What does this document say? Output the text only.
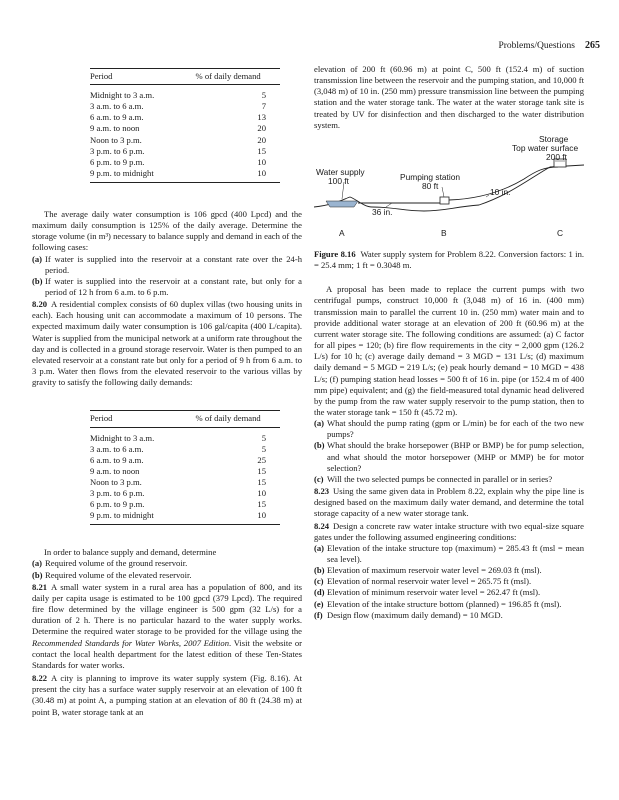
Problems/Questions 265
Period	% of daily demand
Midnight to 3 a.m.	5
3 a.m. to 6 a.m.	7
6 a.m. to 9 a.m.	13
9 a.m. to noon	20
Noon to 3 p.m.	20
3 p.m. to 6 p.m.	15
6 p.m. to 9 p.m.	10
9 p.m. to midnight	10

The average daily water consumption is 106 gpcd (400 Lpcd) and the maximum daily consumption is 125% of the daily average. Determine the storage volume (in m³) necessary to balance supply and demand in each of the following cases:

(a) If water is supplied into the reservoir at a constant rate over the 24-h period.
(b) If water is supplied into the reservoir at a constant rate, but only for a period of 12 h from 6 a.m. to 6 p.m.

8.20 A residential complex consists of 60 duplex villas (two housing units in each). Each housing unit can accommodate a maximum of 10 persons. The expected maximum daily water consumption is 106 gal/capita (400 L/capita). Water is supplied from the municipal network at a uniform rate throughout the day and is collected in a ground storage reservoir. Water is then pumped to an elevated reservoir at a constant rate but only for a period of 9 h from 6 a.m. to 3 p.m. Water then flows from the elevated reservoir to the various villas by gravity to satisfy the following daily demands:

Period	% of daily demand
Midnight to 3 a.m.	5
3 a.m. to 6 a.m.	5
6 a.m. to 9 a.m.	25
9 a.m. to noon	15
Noon to 3 p.m.	15
3 p.m. to 6 p.m.	10
6 p.m. to 9 p.m.	15
9 p.m. to midnight	10

In order to balance supply and demand, determine

(a) Required volume of the ground reservoir.
(b) Required volume of the elevated reservoir.

8.21 A small water system in a rural area has a population of 800, and its daily per capita usage is estimated to be 100 gpcd (379 Lpcd). The required fire flow determined by the village engineer is 500 gpm (32 L/s) for a duration of 2 h. There is no particular hazard to the water supply works. Determine the required water storage to be provided for the village using the Recommended Standards for Water Works, 2007 Edition. Visit the website or contact the local health department for the latest edition of these Ten-States Standards for water works.

8.22 A city is planning to improve its water supply system (Fig. 8.16). At present the city has a surface water supply reservoir at an elevation of 100 ft (30.48 m) at point A, a pumping station at an elevation of 80 ft (24.38 m) at point B, water storage tank at an

elevation of 200 ft (60.96 m) at point C, 500 ft (152.4 m) of suction transmission line between the reservoir and the pumping station, and 10,000 ft (3,048 m) of 10 in. (250 mm) pressure transmission line between the pumping station and the water storage tank. The water at the water storage tank site is treated by UV for disinfection and then discharged to the water distribution system.

Storage
Top water surface
200 ft
Water supply
100 ft	Pumping station
80 ft
10 in.
36 in.
A	B	C

Figure 8.16 Water supply system for Problem 8.22. Conversion factors: 1 in. = 25.4 mm; 1 ft = 0.3048 m.

A proposal has been made to replace the current pumps with two centrifugal pumps, construct 10,000 ft (3,048 m) of 16 in. (400 mm) transmission main to parallel the current 10 in. (250 mm) water main and to provide additional water storage at an elevation of 200 ft (60.96 m) at the current water storage site. The following conditions are assumed: (a) C factor for all pipes = 120; (b) fire flow requirements in the city = 2,000 gpm (126.2 L/s) for 10 h; (c) average daily demand = 3 MGD = 131 L/s; (d) maximum daily demand = 5 MGD = 219 L/s; (e) peak hourly demand = 10 MGD = 438 L/s; (f) pumping station head losses = 500 ft of 16 in. pipe (or 152.4 m of 400 mm pipe) equivalent; and (g) the field-measured total dynamic head delivered by the pump from the raw water supply reservoir to the pump station, then to the water storage tank = 150 ft (45.72 m).

(a) What should the pump rating (gpm or L/min) be for each of the two new pumps?
(b) What should the brake horsepower (BHP or BMP) be for pump selection, and what should the motor horsepower (MHP or MMP) be for motor selection?
(c) Will the two selected pumps be connected in parallel or in series?

8.23 Using the same given data in Problem 8.22, explain why the pipe line is designed based on the maximum daily water demand, and determine the total storage capacity of a new water storage tank.

8.24 Design a concrete raw water intake structure with two equal-size square gates under the following assumed engineering conditions:

(a) Elevation of the intake structure top (maximum) = 285.43 ft (msl = mean sea level).
(b) Elevation of maximum reservoir water level = 269.03 ft (msl).
(c) Elevation of normal reservoir water level = 265.75 ft (msl).
(d) Elevation of minimum reservoir water level = 262.47 ft (msl).
(e) Elevation of the intake structure bottom (planned) = 196.85 ft (msl).
(f) Design flow (maximum daily demand) = 10 MGD.
